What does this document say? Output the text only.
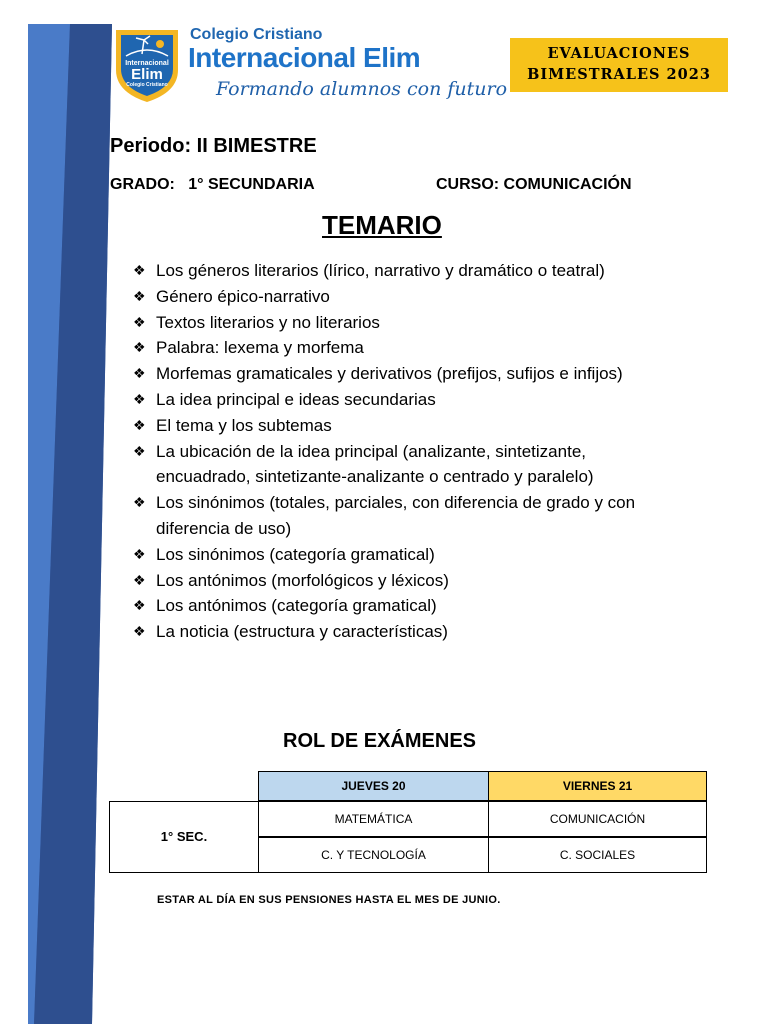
Internacional
Elim
Colegio Cristiano
Colegio Cristiano
Internacional Elim
Formando alumnos con futuro
EVALUACIONES
BIMESTRALES 2023
Periodo: II BIMESTRE
GRADO:   1° SECUNDARIA	CURSO: COMUNICACIÓN
TEMARIO
❖ Los géneros literarios (lírico, narrativo y dramático o teatral)
❖ Género épico-narrativo
❖ Textos literarios y no literarios
❖ Palabra: lexema y morfema
❖ Morfemas gramaticales y derivativos (prefijos, sufijos e infijos)
❖ La idea principal e ideas secundarias
❖ El tema y los subtemas
❖ La ubicación de la idea principal (analizante, sintetizante, encuadrado, sintetizante-analizante o centrado y paralelo)
❖ Los sinónimos (totales, parciales, con diferencia de grado y con diferencia de uso)
❖ Los sinónimos (categoría gramatical)
❖ Los antónimos (morfológicos y léxicos)
❖ Los antónimos (categoría gramatical)
❖ La noticia (estructura y características)
ROL DE EXÁMENES
JUEVES 20	VIERNES 21
1° SEC.
MATEMÁTICA	COMUNICACIÓN
C. Y TECNOLOGÍA	C. SOCIALES
ESTAR AL DÍA EN SUS PENSIONES HASTA EL MES DE JUNIO.
